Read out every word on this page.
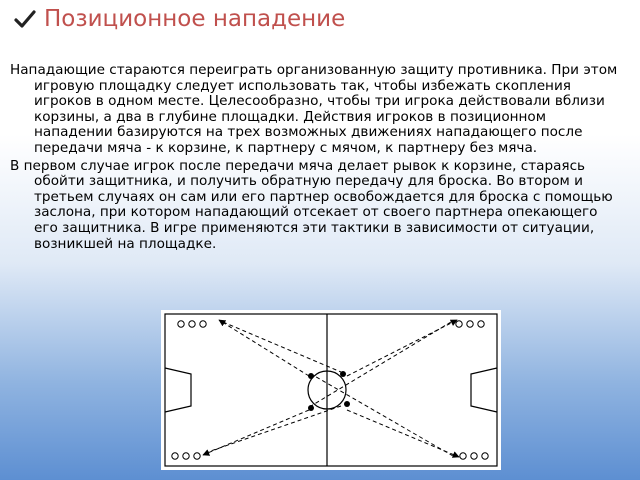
Позиционное нападение

Нападающие стараются переиграть организованную защиту противника. При этом игровую площадку следует использовать так, чтобы избежать скопления игроков в одном месте. Целесообразно, чтобы три игрока действовали вблизи корзины, а два в глубине площадки. Действия игроков в позиционном нападении базируются на трех возможных движениях нападающего после передачи мяча - к корзине, к партнеру с мячом, к партнеру без мяча.

В первом случае игрок после передачи мяча делает рывок к корзине, стараясь обойти защитника, и получить обратную передачу для броска. Во втором и третьем случаях он сам или его партнер освобождается для броска с помощью заслона, при котором нападающий отсекает от своего партнера опекающего его защитника. В игре применяются эти тактики в зависимости от ситуации, возникшей на площадке.
